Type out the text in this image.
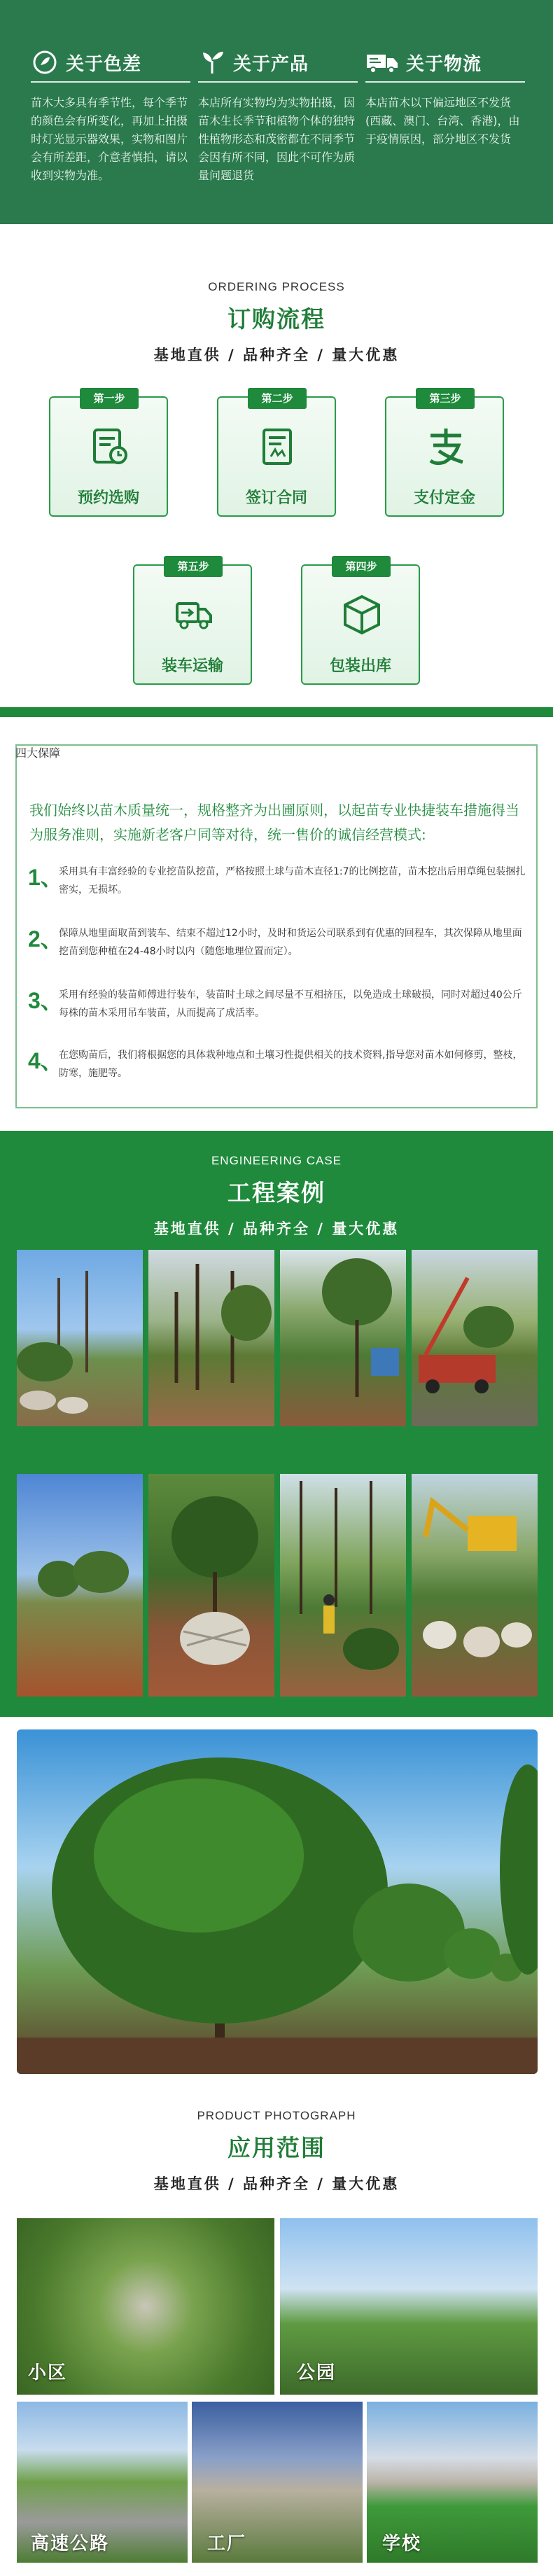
关于色差

苗木大多具有季节性，每个季节的颜色会有所变化，再加上拍摄时灯光显示器效果，实物和图片会有所差距，介意者慎拍，请以收到实物为准。

关于产品

本店所有实物均为实物拍摄，因苗木生长季节和植物个体的独特性植物形态和茂密都在不同季节会因有所不同，因此不可作为质量问题退货

关于物流

本店苗木以下偏远地区不发货(西藏、澳门、台湾、香港)，由于疫情原因，部分地区不发货

ORDERING PROCESS
订购流程
基地直供 / 品种齐全 / 量大优惠
第一步
预约选购
第二步
签订合同
第三步
支付定金
第五步
装车运输
第四步
包装出库
四大保障
我们始终以苗木质量统一，规格整齐为出圃原则，以起苗专业快捷装车措施得当为服务准则，实施新老客户同等对待，统一售价的诚信经营模式:
1、
采用具有丰富经验的专业挖苗队挖苗，严格按照土球与苗木直径1:7的比例挖苗，苗木挖出后用草绳包装捆扎密实，无损坏。
2、
保障从地里面取苗到装车、结束不超过12小时，及时和货运公司联系到有优惠的回程车，其次保障从地里面挖苗到您种植在24-48小时以内（随您地理位置而定）。
3、
采用有经验的装苗师傅进行装车，装苗时土球之间尽量不互相挤压，以免造成土球破损，同时对超过40公斤每株的苗木采用吊车装苗，从而提高了成活率。
4、
在您购苗后，我们将根据您的具体栽种地点和土壤习性提供相关的技术资料,指导您对苗木如何修剪，整枝，防寒，施肥等。
ENGINEERING CASE
工程案例
基地直供 / 品种齐全 / 量大优惠
PRODUCT PHOTOGRAPH
应用范围
基地直供 / 品种齐全 / 量大优惠
小区	公园
高速公路	工厂	学校
